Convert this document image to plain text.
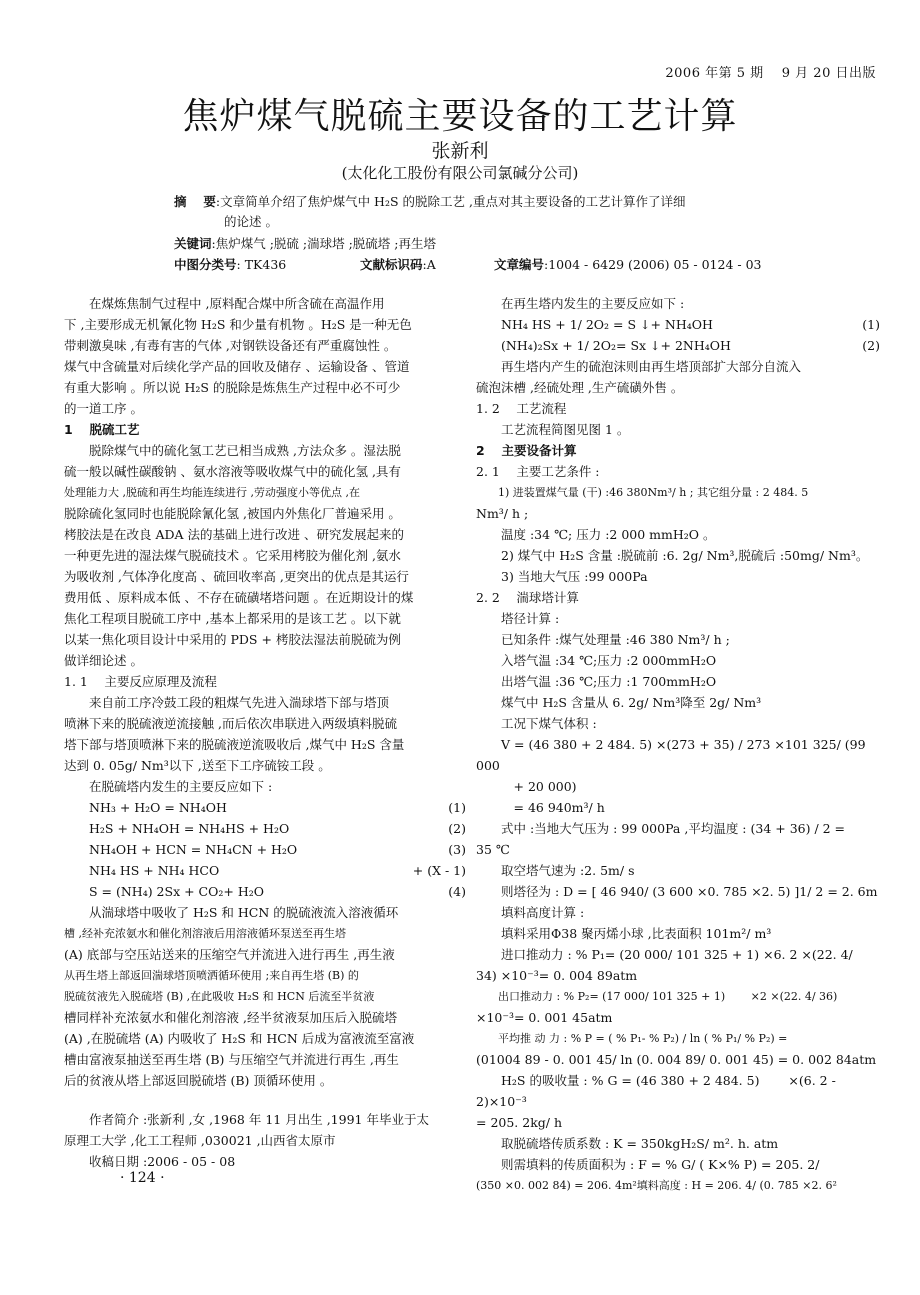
2006 年第 5 期　 9 月 20 日出版
焦炉煤气脱硫主要设备的工艺计算
张新利
(太化化工股份有限公司氯碱分公司)
摘　 要:文章简单介绍了焦炉煤气中 H₂S 的脱除工艺 ,重点对其主要设备的工艺计算作了详细
的论述 。
关键词:焦炉煤气 ;脱硫 ;湍球塔 ;脱硫塔 ;再生塔
中图分类号: TK436	文献标识码:A	文章编号:1004 - 6429 (2006) 05 - 0124 - 03

在煤炼焦制气过程中 ,原料配合煤中所含硫在高温作用

下 ,主要形成无机氰化物 H₂S 和少量有机物 。H₂S 是一种无色

带刺激臭味 ,有毒有害的气体 ,对钢铁设备还有严重腐蚀性 。

煤气中含硫量对后续化学产品的回收及储存 、运输设备 、管道

有重大影响 。所以说 H₂S 的脱除是炼焦生产过程中必不可少

的一道工序 。

1　 脱硫工艺

脱除煤气中的硫化氢工艺已相当成熟 ,方法众多 。湿法脱

硫一般以碱性碳酸钠 、氨水溶液等吸收煤气中的硫化氢 ,具有

处理能力大 ,脱硫和再生均能连续进行 ,劳动强度小等优点 ,在

脱除硫化氢同时也能脱除氰化氢 ,被国内外焦化厂普遍采用 。

栲胶法是在改良 ADA 法的基础上进行改进 、研究发展起来的

一种更先进的湿法煤气脱硫技术 。它采用栲胶为催化剂 ,氨水

为吸收剂 ,气体净化度高 、硫回收率高 ,更突出的优点是其运行

费用低 、原料成本低 、不存在硫磺堵塔问题 。在近期设计的煤

焦化工程项目脱硫工序中 ,基本上都采用的是该工艺 。以下就

以某一焦化项目设计中采用的 PDS + 栲胶法湿法前脱硫为例

做详细论述 。

1. 1　 主要反应原理及流程

来自前工序冷鼓工段的粗煤气先进入湍球塔下部与塔顶

喷淋下来的脱硫液逆流接触 ,而后依次串联进入两级填料脱硫

塔下部与塔顶喷淋下来的脱硫液逆流吸收后 ,煤气中 H₂S 含量

达到 0. 05g/ Nm³以下 ,送至下工序硫铵工段 。

在脱硫塔内发生的主要反应如下 :

NH₃ + H₂O = NH₄OH	(1)
H₂S + NH₄OH = NH₄HS + H₂O	(2)
NH₄OH + HCN = NH₄CN + H₂O	(3)
NH₄ HS + NH₄ HCO	+ (X - 1)
S = (NH₄) 2Sx + CO₂+ H₂O	(4)

从湍球塔中吸收了 H₂S 和 HCN 的脱硫液流入溶液循环

槽 ,经补充浓氨水和催化剂溶液后用溶液循环泵送至再生塔

(A) 底部与空压站送来的压缩空气并流进入进行再生 ,再生液

从再生塔上部返回湍球塔顶喷洒循环使用 ;来自再生塔 (B) 的

脱硫贫液先入脱硫塔 (B) ,在此吸收 H₂S 和 HCN 后流至半贫液

槽同样补充浓氨水和催化剂溶液 ,经半贫液泵加压后入脱硫塔

(A) ,在脱硫塔 (A) 内吸收了 H₂S 和 HCN 后成为富液流至富液

槽由富液泵抽送至再生塔 (B) 与压缩空气并流进行再生 ,再生

后的贫液从塔上部返回脱硫塔 (B) 顶循环使用 。

作者简介 :张新利 ,女 ,1968 年 11 月出生 ,1991 年毕业于太

原理工大学 ,化工工程师 ,030021 ,山西省太原市

收稿日期 :2006 - 05 - 08

· 124 ·

在再生塔内发生的主要反应如下 :

NH₄ HS + 1/ 2O₂ = S ↓+ NH₄OH	(1)
(NH₄)₂Sx + 1/ 2O₂= Sx ↓+ 2NH₄OH	(2)

再生塔内产生的硫泡沫则由再生塔顶部扩大部分自流入

硫泡沫槽 ,经硫处理 ,生产硫磺外售 。

1. 2　 工艺流程

工艺流程简图见图 1 。

2　 主要设备计算

2. 1　 主要工艺条件 :

1) 进装置煤气量 (干) :46 380Nm³/ h ; 其它组分量 : 2 484. 5

Nm³/ h ;

温度 :34 ℃; 压力 :2 000 mmH₂O 。

2) 煤气中 H₂S 含量 :脱硫前 :6. 2g/ Nm³,脱硫后 :50mg/ Nm³。

3) 当地大气压 :99 000Pa

2. 2　 湍球塔计算

塔径计算 :

已知条件 :煤气处理量 :46 380 Nm³/ h ;

入塔气温 :34 ℃;压力 :2 000mmH₂O

出塔气温 :36 ℃;压力 :1 700mmH₂O

煤气中 H₂S 含量从 6. 2g/ Nm³降至 2g/ Nm³

工况下煤气体积 :

V = (46 380 + 2 484. 5) ×(273 + 35) / 273 ×101 325/ (99 000

+ 20 000)

= 46 940m³/ h

式中 :当地大气压为 : 99 000Pa ,平均温度 : (34 + 36) / 2 =

35 ℃

取空塔气速为 :2. 5m/ s

则塔径为 : D = [ 46 940/ (3 600 ×0. 785 ×2. 5) ]1/ 2 = 2. 6m

填料高度计算 :

填料采用Φ38 聚丙烯小球 ,比表面积 101m²/ m³

进口推动力 : % P₁= (20 000/ 101 325 + 1) ×6. 2 ×(22. 4/

34) ×10⁻³= 0. 004 89atm

出口推动力 : % P₂= (17 000/ 101 325 + 1)　　 ×2 ×(22. 4/ 36)

×10⁻³= 0. 001 45atm

平均推 动 力 : % P = ( % P₁- % P₂) / ln ( % P₁/ % P₂) =

(01004 89 - 0. 001 45/ ln (0. 004 89/ 0. 001 45) = 0. 002 84atm

H₂S 的吸收量 : % G = (46 380 + 2 484. 5)　　 ×(6. 2 - 2)×10⁻³

= 205. 2kg/ h

取脱硫塔传质系数 : K = 350kgH₂S/ m². h. atm

则需填料的传质面积为 : F = % G/ ( K×% P) = 205. 2/

(350 ×0. 002 84) = 206. 4m²填料高度 : H = 206. 4/ (0. 785 ×2. 6²
